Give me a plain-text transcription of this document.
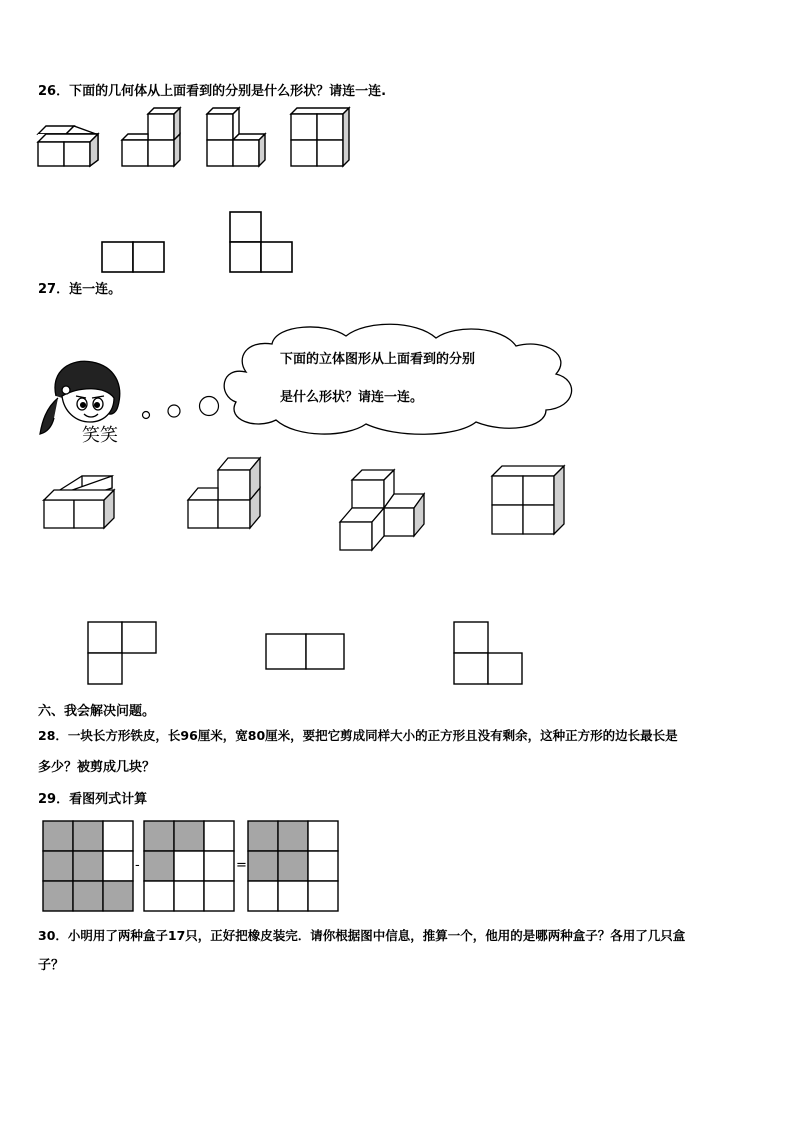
26．下面的几何体从上面看到的分别是什么形状？请连一连.
27．连一连。
笑笑
下面的立体图形从上面看到的分别
是什么形状？请连一连。
六、我会解决问题。
28．一块长方形铁皮，长96厘米，宽80厘米，要把它剪成同样大小的正方形且没有剩余，这种正方形的边长最长是
多少？被剪成几块？
29．看图列式计算
-	=
30．小明用了两种盒子17只，正好把橡皮装完．请你根据图中信息，推算一个，他用的是哪两种盒子？各用了几只盒
子？
